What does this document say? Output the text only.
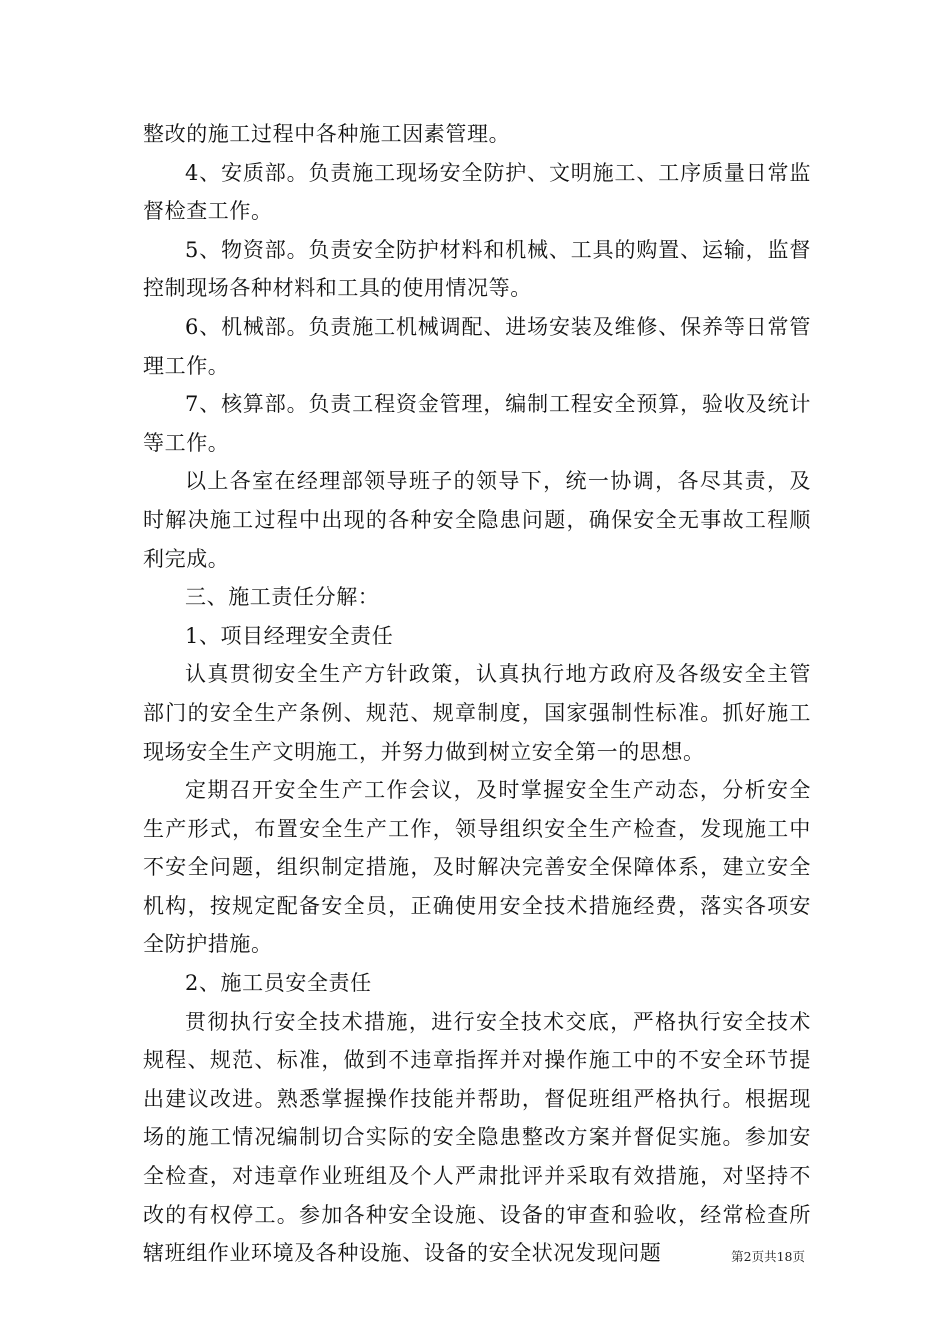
整改的施工过程中各种施工因素管理。

4、安质部。负责施工现场安全防护、文明施工、工序质量日常监督检查工作。

5、物资部。负责安全防护材料和机械、工具的购置、运输，监督控制现场各种材料和工具的使用情况等。

6、机械部。负责施工机械调配、进场安装及维修、保养等日常管理工作。

7、核算部。负责工程资金管理，编制工程安全预算，验收及统计等工作。

以上各室在经理部领导班子的领导下，统一协调，各尽其责，及时解决施工过程中出现的各种安全隐患问题，确保安全无事故工程顺利完成。

三、施工责任分解：

1、项目经理安全责任

认真贯彻安全生产方针政策，认真执行地方政府及各级安全主管部门的安全生产条例、规范、规章制度，国家强制性标准。抓好施工现场安全生产文明施工，并努力做到树立安全第一的思想。

定期召开安全生产工作会议，及时掌握安全生产动态，分析安全生产形式，布置安全生产工作，领导组织安全生产检查，发现施工中不安全问题，组织制定措施，及时解决完善安全保障体系，建立安全机构，按规定配备安全员，正确使用安全技术措施经费，落实各项安全防护措施。

2、施工员安全责任

贯彻执行安全技术措施，进行安全技术交底，严格执行安全技术规程、规范、标准，做到不违章指挥并对操作施工中的不安全环节提出建议改进。熟悉掌握操作技能并帮助，督促班组严格执行。根据现场的施工情况编制切合实际的安全隐患整改方案并督促实施。参加安全检查，对违章作业班组及个人严肃批评并采取有效措施，对坚持不改的有权停工。参加各种安全设施、设备的审查和验收，经常检查所辖班组作业环境及各种设施、设备的安全状况发现问题	第2页共18页
